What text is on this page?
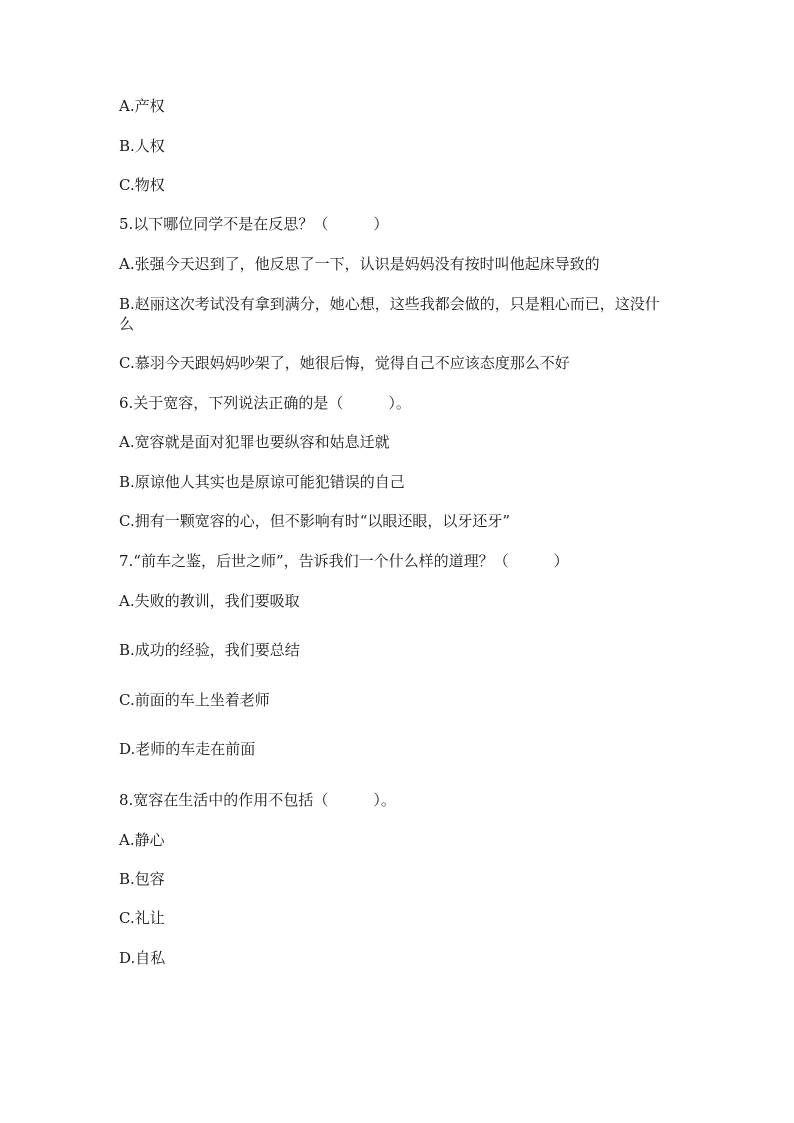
A.产权
B.人权
C.物权
5.以下哪位同学不是在反思？（　　　）
A.张强今天迟到了，他反思了一下，认识是妈妈没有按时叫他起床导致的
B.赵丽这次考试没有拿到满分，她心想，这些我都会做的，只是粗心而已，这没什么
C.慕羽今天跟妈妈吵架了，她很后悔，觉得自己不应该态度那么不好
6.关于宽容，下列说法正确的是（　　　）。
A.宽容就是面对犯罪也要纵容和姑息迁就
B.原谅他人其实也是原谅可能犯错误的自己
C.拥有一颗宽容的心，但不影响有时“以眼还眼，以牙还牙”
7.“前车之鉴，后世之师”，告诉我们一个什么样的道理？（　　　）
A.失败的教训，我们要吸取
B.成功的经验，我们要总结
C.前面的车上坐着老师
D.老师的车走在前面
8.宽容在生活中的作用不包括（　　　）。
A.静心
B.包容
C.礼让
D.自私
